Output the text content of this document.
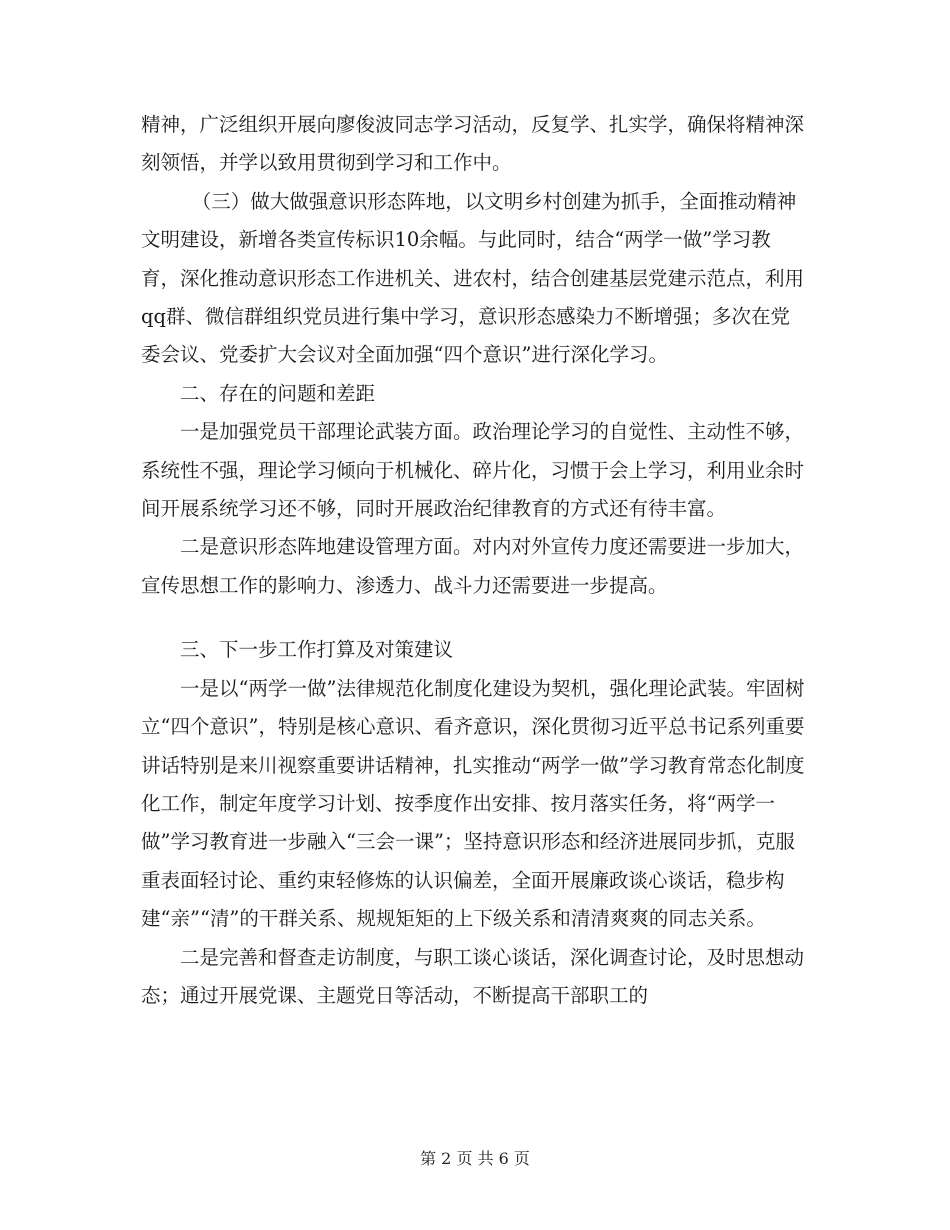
精神，广泛组织开展向廖俊波同志学习活动，反复学、扎实学，确保将精神深刻领悟，并学以致用贯彻到学习和工作中。

（三）做大做强意识形态阵地，以文明乡村创建为抓手，全面推动精神文明建设，新增各类宣传标识10余幅。与此同时，结合“两学一做”学习教育，深化推动意识形态工作进机关、进农村，结合创建基层党建示范点，利用qq群、微信群组织党员进行集中学习，意识形态感染力不断增强；多次在党委会议、党委扩大会议对全面加强“四个意识”进行深化学习。

二、存在的问题和差距

一是加强党员干部理论武装方面。政治理论学习的自觉性、主动性不够，系统性不强，理论学习倾向于机械化、碎片化，习惯于会上学习，利用业余时间开展系统学习还不够，同时开展政治纪律教育的方式还有待丰富。

二是意识形态阵地建设管理方面。对内对外宣传力度还需要进一步加大，宣传思想工作的影响力、渗透力、战斗力还需要进一步提高。

三、下一步工作打算及对策建议

一是以“两学一做”法律规范化制度化建设为契机，强化理论武装。牢固树立“四个意识”，特别是核心意识、看齐意识，深化贯彻习近平总书记系列重要讲话特别是来川视察重要讲话精神，扎实推动“两学一做”学习教育常态化制度化工作，制定年度学习计划、按季度作出安排、按月落实任务，将“两学一做”学习教育进一步融入“三会一课”；坚持意识形态和经济进展同步抓，克服重表面轻讨论、重约束轻修炼的认识偏差，全面开展廉政谈心谈话，稳步构建“亲”“清”的干群关系、规规矩矩的上下级关系和清清爽爽的同志关系。

二是完善和督查走访制度，与职工谈心谈话，深化调查讨论，及时思想动态；通过开展党课、主题党日等活动，不断提高干部职工的

第 2 页 共 6 页
